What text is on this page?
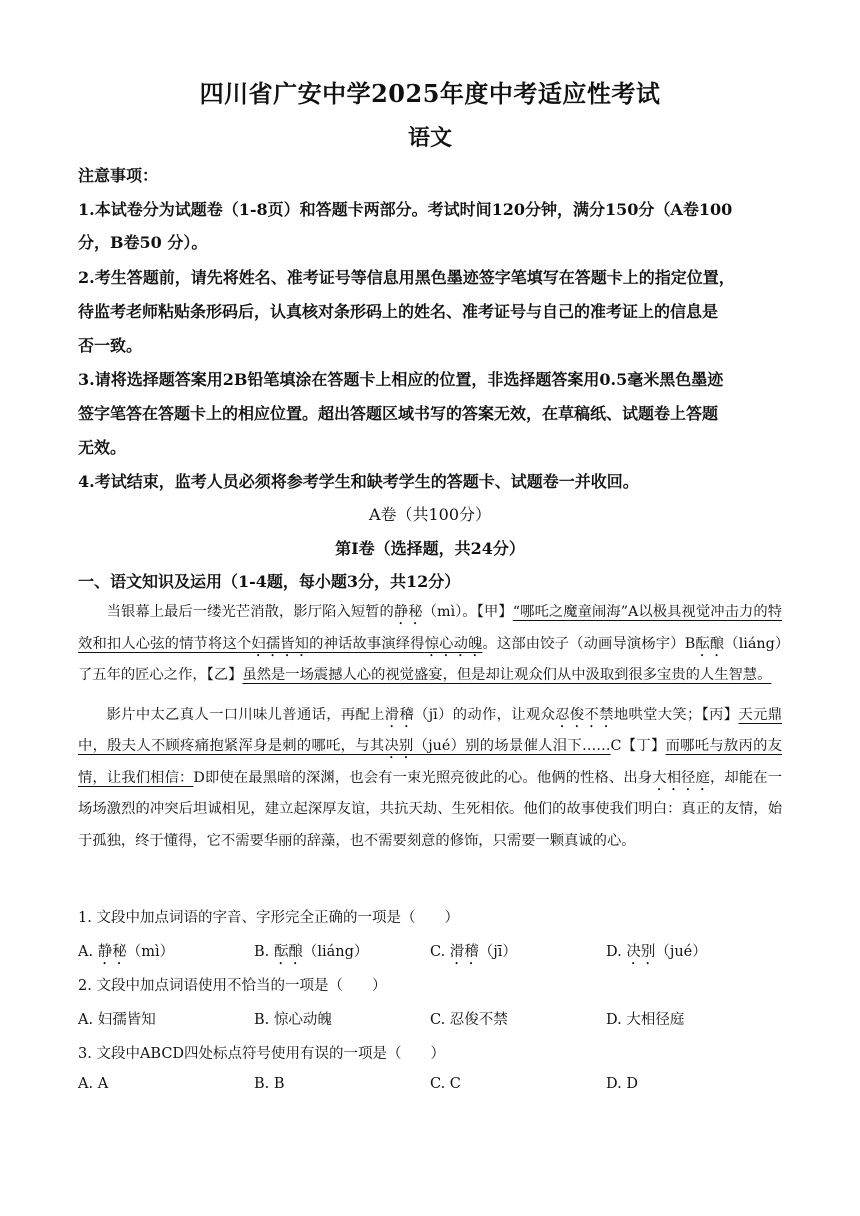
四川省广安中学2025年度中考适应性考试
语文
注意事项：
1.本试卷分为试题卷（1-8页）和答题卡两部分。考试时间120分钟，满分150分（A卷100
分，B卷50 分）。
2.考生答题前，请先将姓名、准考证号等信息用黑色墨迹签字笔填写在答题卡上的指定位置，
待监考老师粘贴条形码后，认真核对条形码上的姓名、准考证号与自己的准考证上的信息是
否一致。
3.请将选择题答案用2B铅笔填涂在答题卡上相应的位置，非选择题答案用0.5毫米黑色墨迹
签字笔答在答题卡上的相应位置。超出答题区域书写的答案无效，在草稿纸、试题卷上答题
无效。
4.考试结束，监考人员必须将参考学生和缺考学生的答题卡、试题卷一并收回。
A卷（共100分）
第Ⅰ卷（选择题，共24分）
一、语文知识及运用（1-4题，每小题3分，共12分）

当银幕上最后一缕光芒消散，影厅陷入短暂的静秘（mì）。【甲】“哪吒之魔童闹海”A以极具视觉冲击力的特效和扣人心弦的情节将这个妇孺皆知的神话故事演绎得惊心动魄。这部由饺子（动画导演杨宇）B酝酿（liáng）了五年的匠心之作，【乙】虽然是一场震撼人心的视觉盛宴，但是却让观众们从中汲取到很多宝贵的人生智慧。

影片中太乙真人一口川味儿普通话，再配上滑稽（jī）的动作，让观众忍俊不禁地哄堂大笑；【丙】天元鼎中，殷夫人不顾疼痛抱紧浑身是刺的哪吒，与其决别（jué）别的场景催人泪下……C【丁】而哪吒与敖丙的友情，让我们相信：D即使在最黑暗的深渊，也会有一束光照亮彼此的心。他俩的性格、出身大相径庭，却能在一场场激烈的冲突后坦诚相见，建立起深厚友谊，共抗天劫、生死相依。他们的故事使我们明白：真正的友情，始于孤独，终于懂得，它不需要华丽的辞藻，也不需要刻意的修饰，只需要一颗真诚的心。

1. 文段中加点词语的字音、字形完全正确的一项是（　　）
A. 静秘（mì）	B. 酝酿（liáng）	C. 滑稽（jī）	D. 决别（jué）
2. 文段中加点词语使用不恰当的一项是（　　）
A. 妇孺皆知	B. 惊心动魄	C. 忍俊不禁	D. 大相径庭
3. 文段中ABCD四处标点符号使用有误的一项是（　　）
A. A	B. B	C. C	D. D
